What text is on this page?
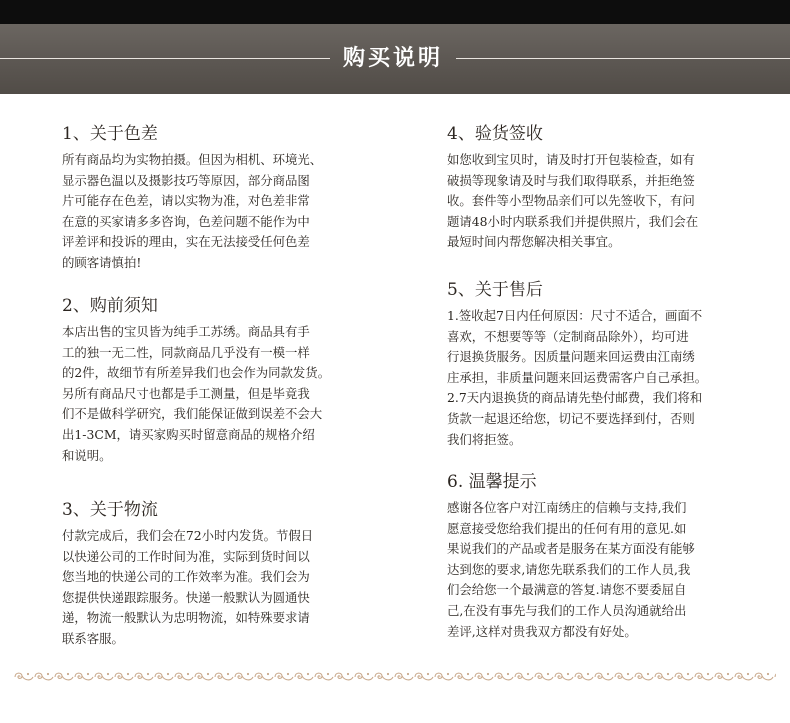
购买说明
1、关于色差

所有商品均为实物拍摄。但因为相机、环境光、

显示器色温以及摄影技巧等原因，部分商品图

片可能存在色差，请以实物为准，对色差非常

在意的买家请多多咨询，色差问题不能作为中

评差评和投诉的理由，实在无法接受任何色差

的顾客请慎拍!

2、购前须知

本店出售的宝贝皆为纯手工苏绣。商品具有手

工的独一无二性，同款商品几乎没有一模一样

的2件，故细节有所差异我们也会作为同款发货。

另所有商品尺寸也都是手工测量，但是毕竟我

们不是做科学研究，我们能保证做到误差不会大

出1-3CM，请买家购买时留意商品的规格介绍

和说明。

3、关于物流

付款完成后，我们会在72小时内发货。节假日

以快递公司的工作时间为准，实际到货时间以

您当地的快递公司的工作效率为准。我们会为

您提供快递跟踪服务。快递一般默认为圆通快

递，物流一般默认为忠明物流，如特殊要求请

联系客服。

4、验货签收

如您收到宝贝时，请及时打开包装检查，如有

破损等现象请及时与我们取得联系，并拒绝签

收。套件等小型物品亲们可以先签收下，有问

题请48小时内联系我们并提供照片，我们会在

最短时间内帮您解决相关事宜。

5、关于售后

1.签收起7日内任何原因：尺寸不适合，画面不

喜欢，不想要等等（定制商品除外），均可进

行退换货服务。因质量问题来回运费由江南绣

庄承担，非质量问题来回运费需客户自己承担。

2.7天内退换货的商品请先垫付邮费，我们将和

货款一起退还给您，切记不要选择到付，否则

我们将拒签。

6. 温馨提示

感谢各位客户对江南绣庄的信赖与支持,我们

愿意接受您给我们提出的任何有用的意见.如

果说我们的产品或者是服务在某方面没有能够

达到您的要求,请您先联系我们的工作人员,我

们会给您一个最满意的答复.请您不要委屈自

己,在没有事先与我们的工作人员沟通就给出

差评,这样对贵我双方都没有好处。
